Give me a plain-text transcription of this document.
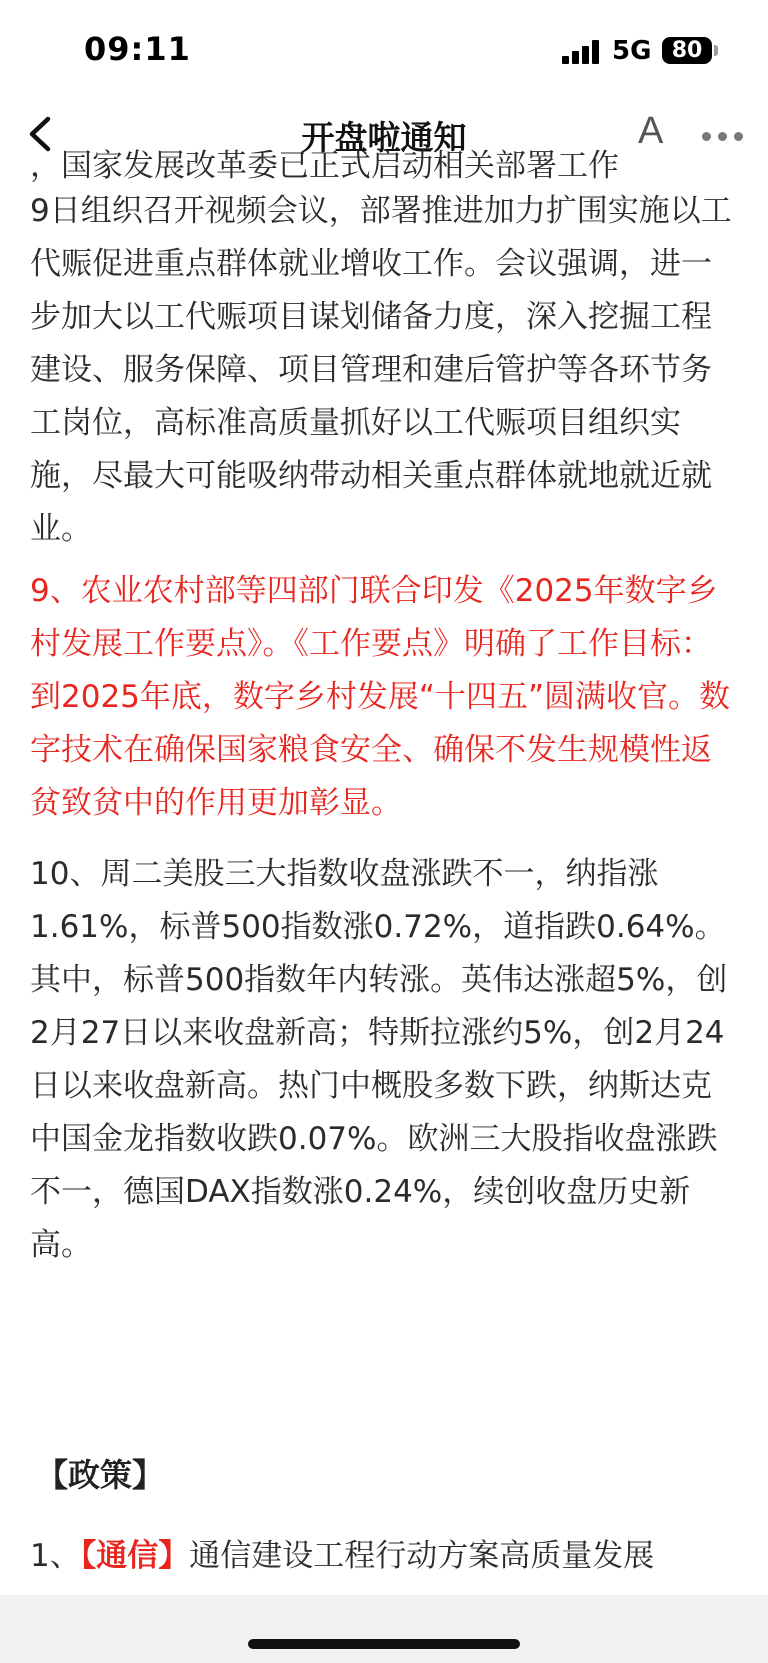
09:11	5G 80
开盘啦通知	A
，国家发展改革委已正式启动相关部署工作

9日组织召开视频会议，部署推进加力扩围实施以工代赈促进重点群体就业增收工作。会议强调，进一步加大以工代赈项目谋划储备力度，深入挖掘工程建设、服务保障、项目管理和建后管护等各环节务工岗位，高标准高质量抓好以工代赈项目组织实施，尽最大可能吸纳带动相关重点群体就地就近就业。

9、农业农村部等四部门联合印发《2025年数字乡村发展工作要点》。《工作要点》明确了工作目标：到2025年底，数字乡村发展“十四五”圆满收官。数字技术在确保国家粮食安全、确保不发生规模性返贫致贫中的作用更加彰显。

10、周二美股三大指数收盘涨跌不一，纳指涨1.61%，标普500指数涨0.72%，道指跌0.64%。其中，标普500指数年内转涨。英伟达涨超5%，创2月27日以来收盘新高；特斯拉涨约5%，创2月24日以来收盘新高。热门中概股多数下跌，纳斯达克中国金龙指数收跌0.07%。欧洲三大股指收盘涨跌不一，德国DAX指数涨0.24%，续创收盘历史新高。

【政策】
1、【通信】通信建设工程行动方案高质量发展
